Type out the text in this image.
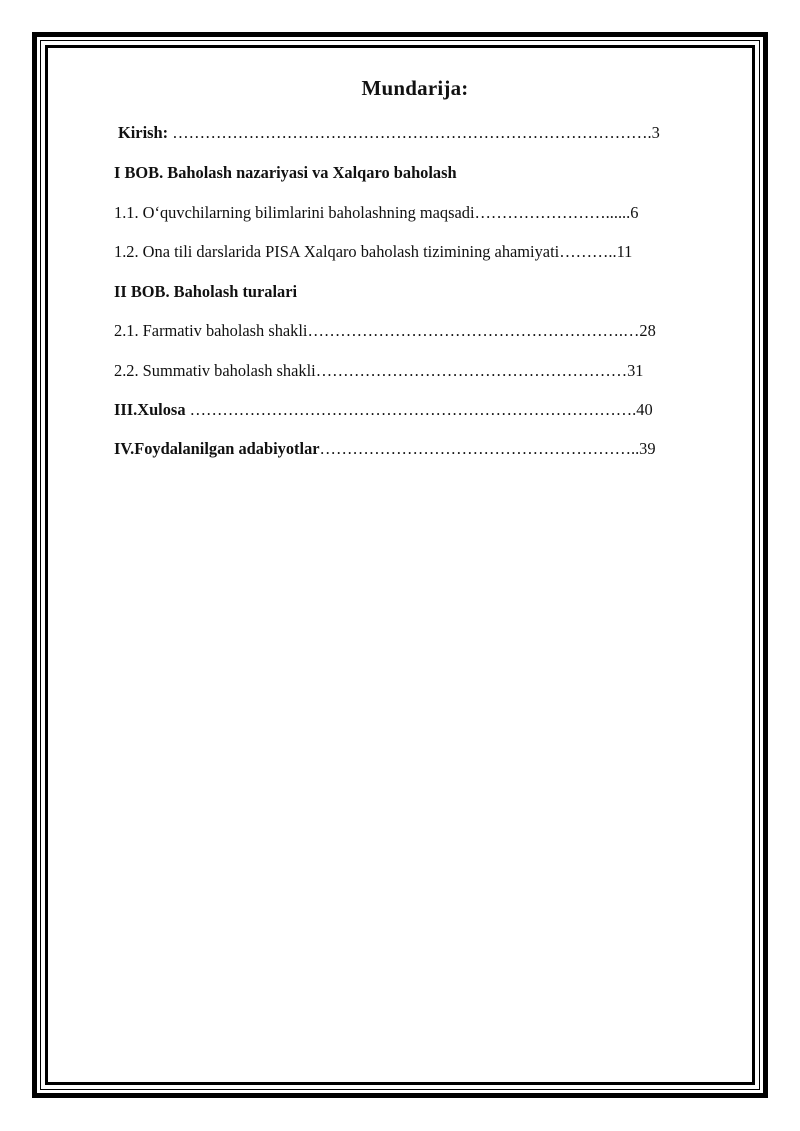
Mundarija:
Kirish: …………………………………………………………………………….3
I BOB. Baholash nazariyasi va Xalqaro baholash
1.1. O‘quvchilarning bilimlarini baholashning maqsadi……………………......6
1.2. Ona tili darslarida PISA Xalqaro baholash tizimining ahamiyati………..11
II BOB. Baholash turalari
2.1. Farmativ baholash shakli………………………………………………….…28
2.2. Summativ baholash shakli…………………………………………………31
III.Xulosa ……………………………………………………………………….40
IV.Foydalanilgan adabiyotlar…………………………………………………..39
